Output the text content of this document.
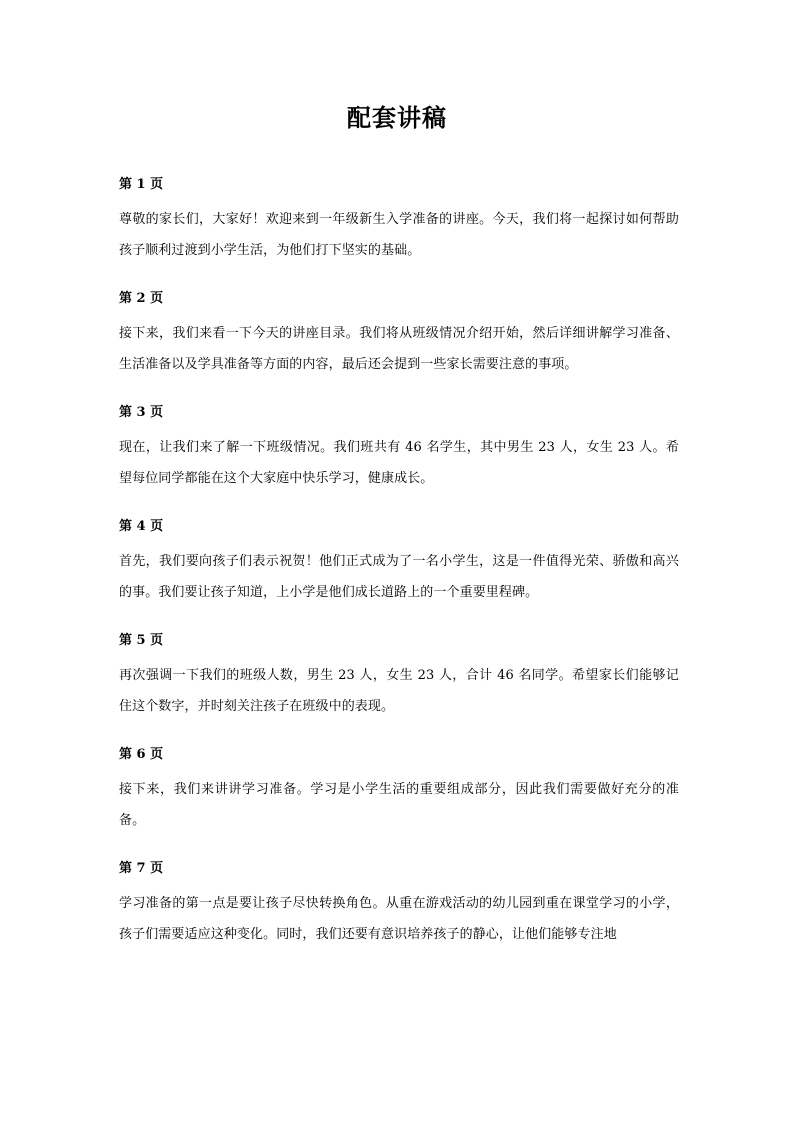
配套讲稿
第 1 页

尊敬的家长们，大家好！欢迎来到一年级新生入学准备的讲座。今天，我们将一起探讨如何帮助孩子顺利过渡到小学生活，为他们打下坚实的基础。

第 2 页

接下来，我们来看一下今天的讲座目录。我们将从班级情况介绍开始，然后详细讲解学习准备、生活准备以及学具准备等方面的内容，最后还会提到一些家长需要注意的事项。

第 3 页

现在，让我们来了解一下班级情况。我们班共有 46 名学生，其中男生 23 人，女生 23 人。希望每位同学都能在这个大家庭中快乐学习，健康成长。

第 4 页

首先，我们要向孩子们表示祝贺！他们正式成为了一名小学生，这是一件值得光荣、骄傲和高兴的事。我们要让孩子知道，上小学是他们成长道路上的一个重要里程碑。

第 5 页

再次强调一下我们的班级人数，男生 23 人，女生 23 人，合计 46 名同学。希望家长们能够记住这个数字，并时刻关注孩子在班级中的表现。

第 6 页

接下来，我们来讲讲学习准备。学习是小学生活的重要组成部分，因此我们需要做好充分的准备。

第 7 页

学习准备的第一点是要让孩子尽快转换角色。从重在游戏活动的幼儿园到重在课堂学习的小学，孩子们需要适应这种变化。同时，我们还要有意识培养孩子的静心，让他们能够专注地
